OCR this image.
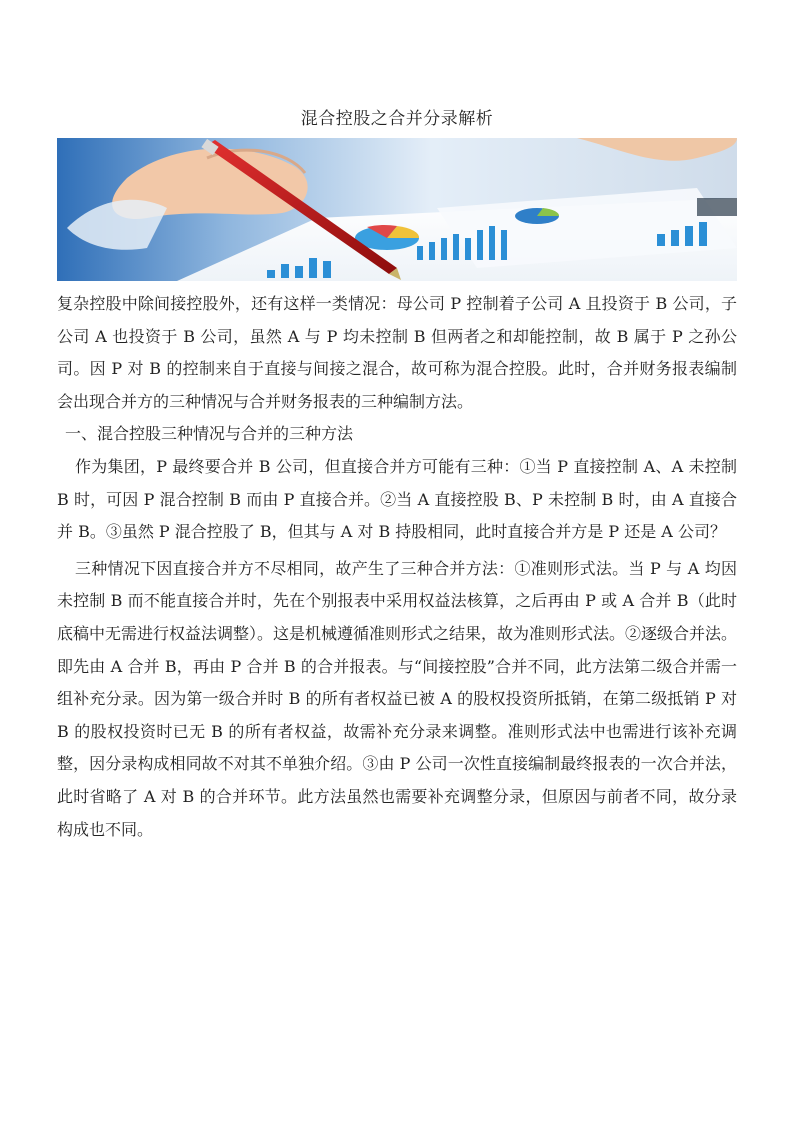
混合控股之合并分录解析

复杂控股中除间接控股外，还有这样一类情况：母公司 P 控制着子公司 A 且投资于 B 公司，子公司 A 也投资于 B 公司，虽然 A 与 P 均未控制 B 但两者之和却能控制，故 B 属于 P 之孙公司。因 P 对 B 的控制来自于直接与间接之混合，故可称为混合控股。此时，合并财务报表编制会出现合并方的三种情况与合并财务报表的三种编制方法。

一、混合控股三种情况与合并的三种方法

作为集团，P 最终要合并 B 公司，但直接合并方可能有三种：①当 P 直接控制 A、A 未控制 B 时，可因 P 混合控制 B 而由 P 直接合并。②当 A 直接控股 B、P 未控制 B 时，由 A 直接合并 B。③虽然 P 混合控股了 B，但其与 A 对 B 持股相同，此时直接合并方是 P 还是 A 公司？

三种情况下因直接合并方不尽相同，故产生了三种合并方法：①准则形式法。当 P 与 A 均因未控制 B 而不能直接合并时，先在个别报表中采用权益法核算，之后再由 P 或 A 合并 B（此时底稿中无需进行权益法调整）。这是机械遵循准则形式之结果，故为准则形式法。②逐级合并法。即先由 A 合并 B，再由 P 合并 B 的合并报表。与“间接控股”合并不同，此方法第二级合并需一组补充分录。因为第一级合并时 B 的所有者权益已被 A 的股权投资所抵销，在第二级抵销 P 对 B 的股权投资时已无 B 的所有者权益，故需补充分录来调整。准则形式法中也需进行该补充调整，因分录构成相同故不对其不单独介绍。③由 P 公司一次性直接编制最终报表的一次合并法，此时省略了 A 对 B 的合并环节。此方法虽然也需要补充调整分录，但原因与前者不同，故分录构成也不同。
